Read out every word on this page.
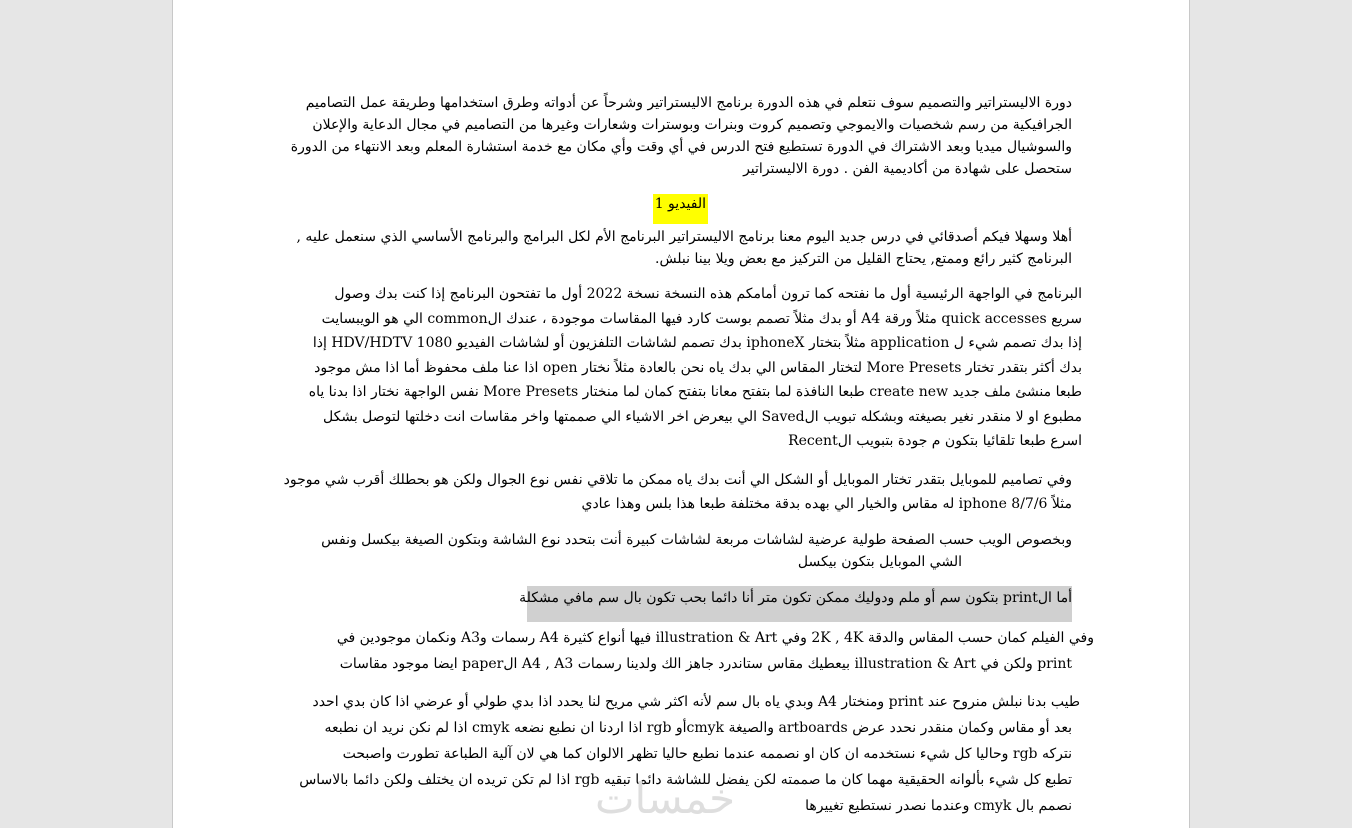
دورة الاليستراتير والتصميم سوف نتعلم في هذه الدورة برنامج الاليستراتير وشرحاً عن أدواته وطرق استخدامها وطريقة عمل التصاميم
الجرافيكية من رسم شخصيات والايموجي وتصميم كروت وبنرات وبوسترات وشعارات وغيرها من التصاميم في مجال الدعاية والإعلان
والسوشيال ميديا وبعد الاشتراك في الدورة تستطيع فتح الدرس في أي وقت وأي مكان مع خدمة استشارة المعلم وبعد الانتهاء من الدورة
ستحصل على شهادة من أكاديمية الفن . دورة الاليستراتير
الفيديو 1
أهلا وسهلا فيكم أصدقائي في درس جديد اليوم معنا برنامج الاليستراتير البرنامج الأم لكل البرامج والبرنامج الأساسي الذي سنعمل عليه ,
البرنامج كثير رائع وممتع, يحتاج القليل من التركيز مع بعض ويلا بينا نبلش.
البرنامج في الواجهة الرئيسية أول ما نفتحه كما ترون أمامكم هذه النسخة نسخة 2022 أول ما تفتحون البرنامج إذا كنت بدك وصول
سريع quick accesses مثلاً ورقة A4 أو بدك مثلاً تصمم بوست كارد فيها المقاسات موجودة ، عندك الcommon الي هو الويبسايت
إذا بدك تصمم شيء ل application مثلاً بتختار iphoneX بدك تصمم لشاشات التلفزيون أو لشاشات الفيديو HDV/HDTV 1080 إذا
بدك أكثر بتقدر تختار More Presets لتختار المقاس الي بدك ياه نحن بالعادة مثلاً نختار open اذا عنا ملف محفوظ أما اذا مش موجود
طبعا منشئ ملف جديد create new طبعا النافذة لما بتفتح معانا بتفتح كمان لما منختار More Presets نفس الواجهة نختار اذا بدنا ياه
مطبوع او لا منقدر نغير بصيغته وبشكله تبويب الSaved الي بيعرض اخر الاشياء الي صممتها واخر مقاسات انت دخلتها لتوصل بشكل
اسرع طبعا تلقائيا بتكون م جودة بتبويب الRecent
وفي تصاميم للموبايل بتقدر تختار الموبايل أو الشكل الي أنت بدك ياه ممكن ما تلاقي نفس نوع الجوال ولكن هو بحطلك أقرب شي موجود
مثلاً iphone 8/7/6 له مقاس والخيار الي بهده بدقة مختلفة طبعا هذا بلس وهذا عادي
وبخصوص الويب حسب الصفحة طولية عرضية لشاشات مربعة لشاشات كبيرة أنت بتحدد نوع الشاشة وبتكون الصيغة بيكسل ونفس
الشي الموبايل بتكون بيكسل
أما الprint بتكون سم أو ملم ودوليك ممكن تكون متر أنا دائما بحب تكون بال سم مافي مشكلة
وفي الفيلم كمان حسب المقاس والدقة 2K , 4K وفي illustration & Art فيها أنواع كثيرة A4 رسمات وA3 ونكمان موجودين في
print ولكن في illustration & Art بيعطيك مقاس ستاندرد جاهز الك ولدينا رسمات A4 , A3 الpaper ايضا موجود مقاسات
طيب بدنا نبلش منروح عند print ومنختار A4 وبدي ياه بال سم لأنه اكثر شي مريح لنا يحدد اذا بدي طولي أو عرضي اذا كان بدي احدد
بعد أو مقاس وكمان منقدر نحدد عرض artboards والصيغة cmykأو rgb اذا اردنا ان نطبع نضعه cmyk اذا لم نكن نريد ان نطبعه
نتركه rgb وحاليا كل شيء نستخدمه ان كان او نصممه عندما نطبع حاليا تظهر الالوان كما هي لان آلية الطباعة تطورت واصبحت
تطبع كل شيء بألوانه الحقيقية مهما كان ما صممته لكن يفضل للشاشة دائما تبقيه rgb اذا لم تكن تريده ان يختلف ولكن دائما بالاساس
نصمم بال cmyk وعندما نصدر نستطيع تغييرها
خمسات
